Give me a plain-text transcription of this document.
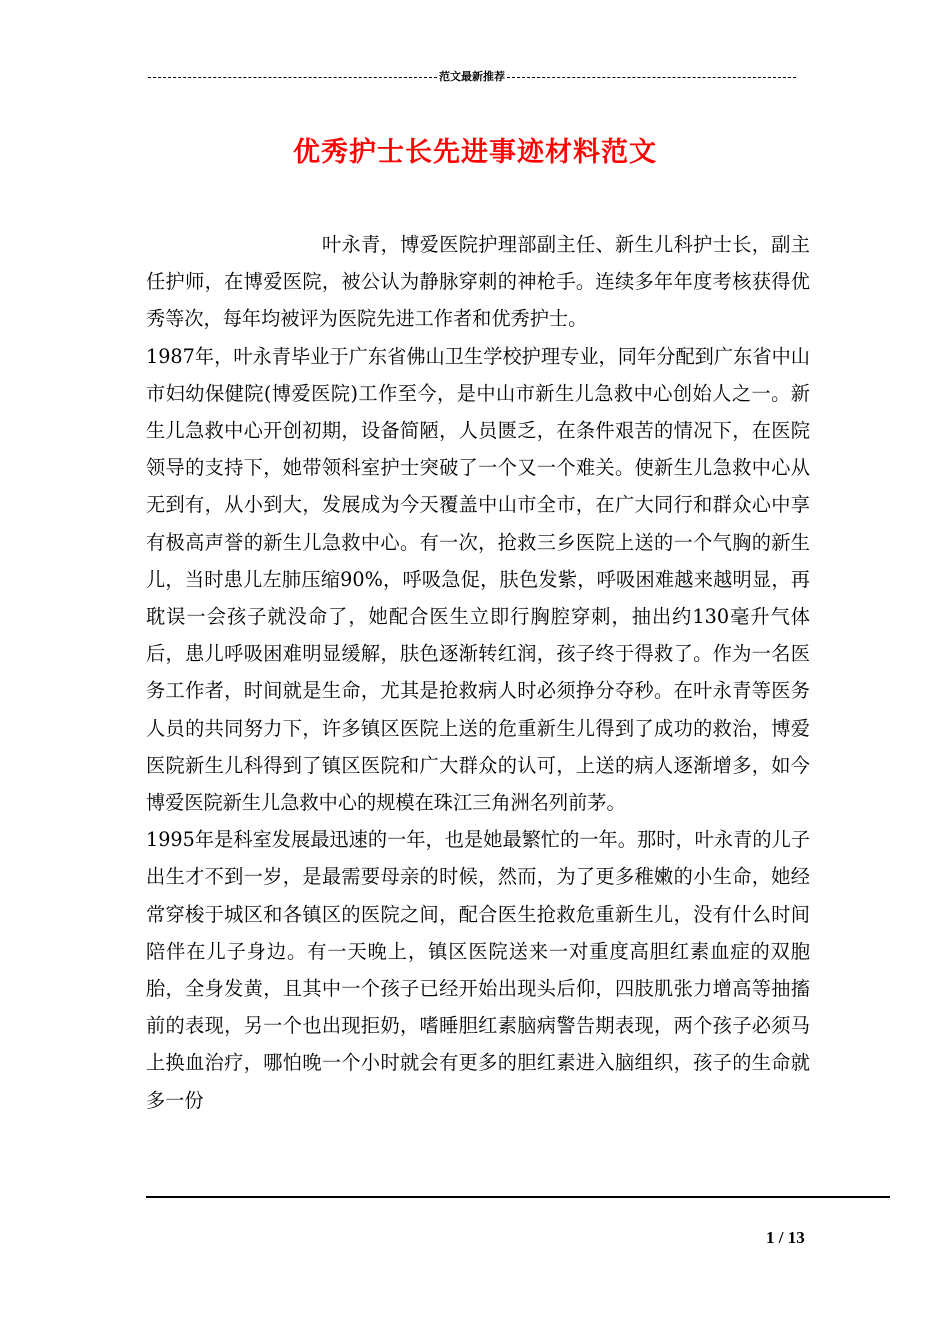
范文最新推荐
优秀护士长先进事迹材料范文

叶永青，博爱医院护理部副主任、新生儿科护士长，副主任护师，在博爱医院，被公认为静脉穿刺的神枪手。连续多年年度考核获得优秀等次，每年均被评为医院先进工作者和优秀护士。

1987年，叶永青毕业于广东省佛山卫生学校护理专业，同年分配到广东省中山市妇幼保健院(博爱医院)工作至今，是中山市新生儿急救中心创始人之一。新生儿急救中心开创初期，设备简陋，人员匮乏，在条件艰苦的情况下，在医院领导的支持下，她带领科室护士突破了一个又一个难关。使新生儿急救中心从无到有，从小到大，发展成为今天覆盖中山市全市，在广大同行和群众心中享有极高声誉的新生儿急救中心。有一次，抢救三乡医院上送的一个气胸的新生儿，当时患儿左肺压缩90%，呼吸急促，肤色发紫，呼吸困难越来越明显，再耽误一会孩子就没命了，她配合医生立即行胸腔穿刺，抽出约130毫升气体后，患儿呼吸困难明显缓解，肤色逐渐转红润，孩子终于得救了。作为一名医务工作者，时间就是生命，尤其是抢救病人时必须挣分夺秒。在叶永青等医务人员的共同努力下，许多镇区医院上送的危重新生儿得到了成功的救治，博爱医院新生儿科得到了镇区医院和广大群众的认可，上送的病人逐渐增多，如今博爱医院新生儿急救中心的规模在珠江三角洲名列前茅。

1995年是科室发展最迅速的一年，也是她最繁忙的一年。那时，叶永青的儿子出生才不到一岁，是最需要母亲的时候，然而，为了更多稚嫩的小生命，她经常穿梭于城区和各镇区的医院之间，配合医生抢救危重新生儿，没有什么时间陪伴在儿子身边。有一天晚上，镇区医院送来一对重度高胆红素血症的双胞胎，全身发黄，且其中一个孩子已经开始出现头后仰，四肢肌张力增高等抽搐前的表现，另一个也出现拒奶，嗜睡胆红素脑病警告期表现，两个孩子必须马上换血治疗，哪怕晚一个小时就会有更多的胆红素进入脑组织，孩子的生命就多一份

1 / 13
